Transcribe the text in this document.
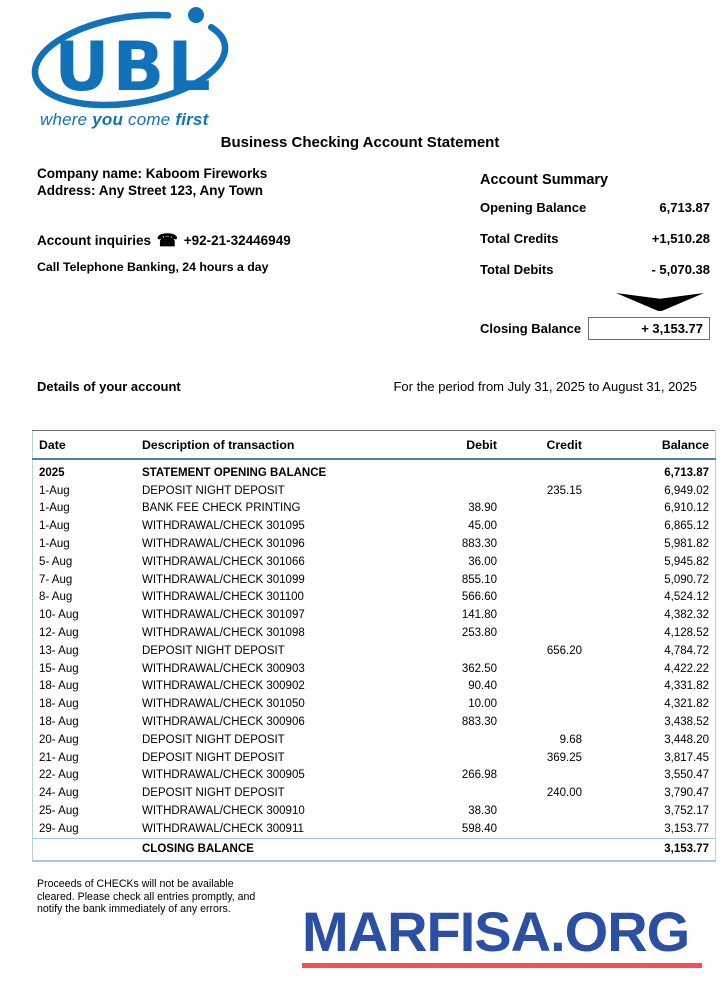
UBL
where you come first
Business Checking Account Statement
Company name: Kaboom Fireworks
Address: Any Street 123, Any Town
Account inquiries ☎ +92-21-32446949
Call Telephone Banking, 24 hours a day
Account Summary
Opening Balance	6,713.87
Total Credits	+1,510.28
Total Debits	- 5,070.38
Closing Balance	+ 3,153.77
Details of your account	For the period from July 31, 2025 to August 31, 2025
Date	Description of transaction	Debit	Credit	Balance
2025	STATEMENT OPENING BALANCE			6,713.87
1-Aug	DEPOSIT NIGHT DEPOSIT		235.15	6,949.02
1-Aug	BANK FEE CHECK PRINTING	38.90		6,910.12
1-Aug	WITHDRAWAL/CHECK 301095	45.00		6,865.12
1-Aug	WITHDRAWAL/CHECK 301096	883.30		5,981.82
5- Aug	WITHDRAWAL/CHECK 301066	36.00		5,945.82
7- Aug	WITHDRAWAL/CHECK 301099	855.10		5,090.72
8- Aug	WITHDRAWAL/CHECK 301100	566.60		4,524.12
10- Aug	WITHDRAWAL/CHECK 301097	141.80		4,382.32
12- Aug	WITHDRAWAL/CHECK 301098	253.80		4,128.52
13- Aug	DEPOSIT NIGHT DEPOSIT		656.20	4,784.72
15- Aug	WITHDRAWAL/CHECK 300903	362.50		4,422.22
18- Aug	WITHDRAWAL/CHECK 300902	90.40		4,331.82
18- Aug	WITHDRAWAL/CHECK 301050	10.00		4,321.82
18- Aug	WITHDRAWAL/CHECK 300906	883.30		3,438.52
20- Aug	DEPOSIT NIGHT DEPOSIT		9.68	3,448.20
21- Aug	DEPOSIT NIGHT DEPOSIT		369.25	3,817.45
22- Aug	WITHDRAWAL/CHECK 300905	266.98		3,550.47
24- Aug	DEPOSIT NIGHT DEPOSIT		240.00	3,790.47
25- Aug	WITHDRAWAL/CHECK 300910	38.30		3,752.17
29- Aug	WITHDRAWAL/CHECK 300911	598.40		3,153.77
	CLOSING BALANCE			3,153.77
Proceeds of CHECKs will not be available
cleared. Please check all entries promptly, and
notify the bank immediately of any errors.	MARFISA.ORG
